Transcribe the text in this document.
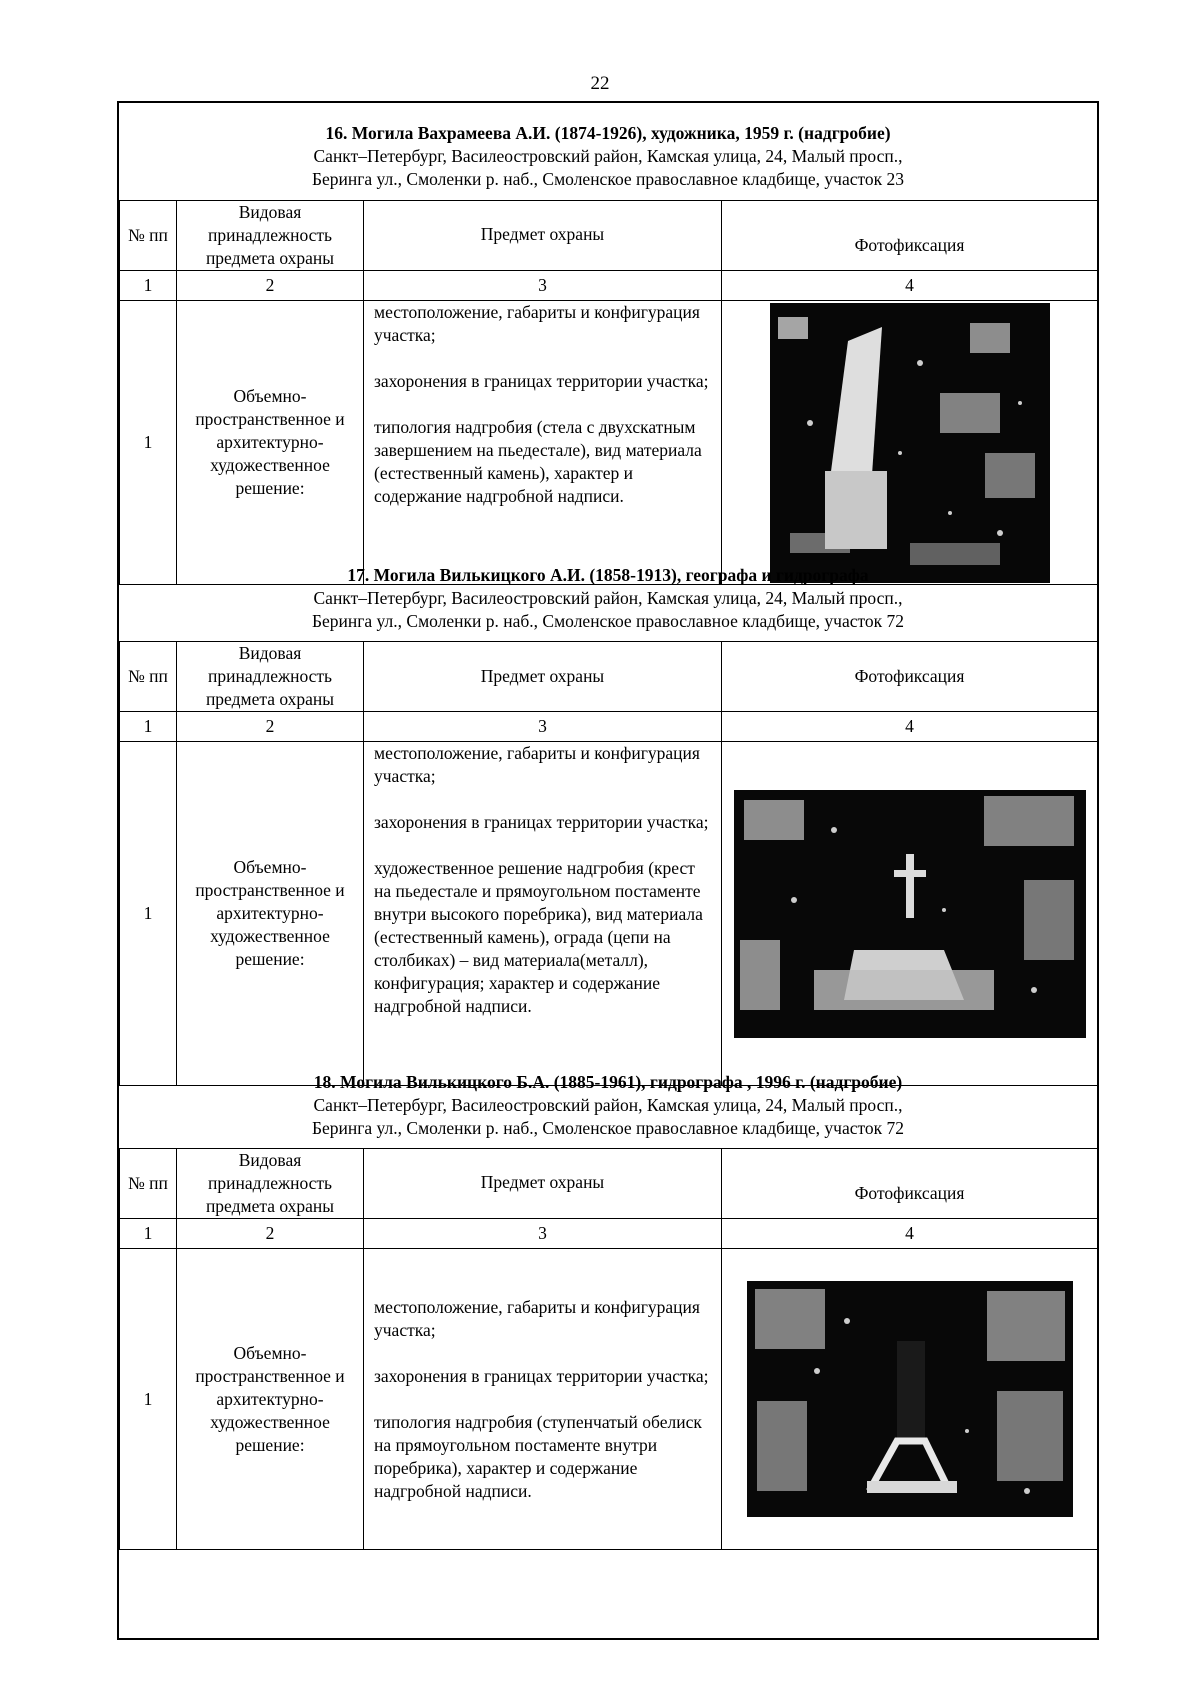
22
16. Могила Вахрамеева А.И. (1874-1926), художника, 1959 г. (надгробие)
Санкт–Петербург, Василеостровский район, Камская улица, 24, Малый просп.,
Беринга ул., Смоленки р. наб., Смоленское православное кладбище, участок 23
№ пп	Видовая принадлежность предмета охраны	Предмет охраны	Фотофиксация
1	2	3	4
1	Объемно-пространственное и архитектурно-художественное решение:	местоположение, габариты и конфигурация участка;

захоронения в границах территории участка;

типология надгробия (стела с двухскатным завершением на пьедестале), вид материала (естественный камень), характер и содержание надгробной надписи.

17. Могила Вилькицкого А.И. (1858-1913), географа и гидрографа
Санкт–Петербург, Василеостровский район, Камская улица, 24, Малый просп.,
Беринга ул., Смоленки р. наб., Смоленское православное кладбище, участок 72
№ пп	Видовая принадлежность предмета охраны	Предмет охраны	Фотофиксация
1	2	3	4
1	Объемно-пространственное и архитектурно-художественное решение:	местоположение, габариты и конфигурация участка;

захоронения в границах территории участка;

художественное решение надгробия (крест на пьедестале и прямоугольном постаменте внутри высокого поребрика), вид материала (естественный камень), ограда (цепи на столбиках) – вид материала(металл), конфигурация; характер и содержание надгробной надписи.

18. Могила Вилькицкого Б.А. (1885-1961), гидрографа , 1996 г. (надгробие)
Санкт–Петербург, Василеостровский район, Камская улица, 24, Малый просп.,
Беринга ул., Смоленки р. наб., Смоленское православное кладбище, участок 72
№ пп	Видовая принадлежность предмета охраны	Предмет охраны	Фотофиксация
1	2	3	4
1	Объемно-пространственное и архитектурно-художественное решение:	местоположение, габариты и конфигурация участка;

захоронения в границах территории участка;

типология надгробия (ступенчатый обелиск на прямоугольном постаменте внутри поребрика), характер и содержание надгробной надписи.
